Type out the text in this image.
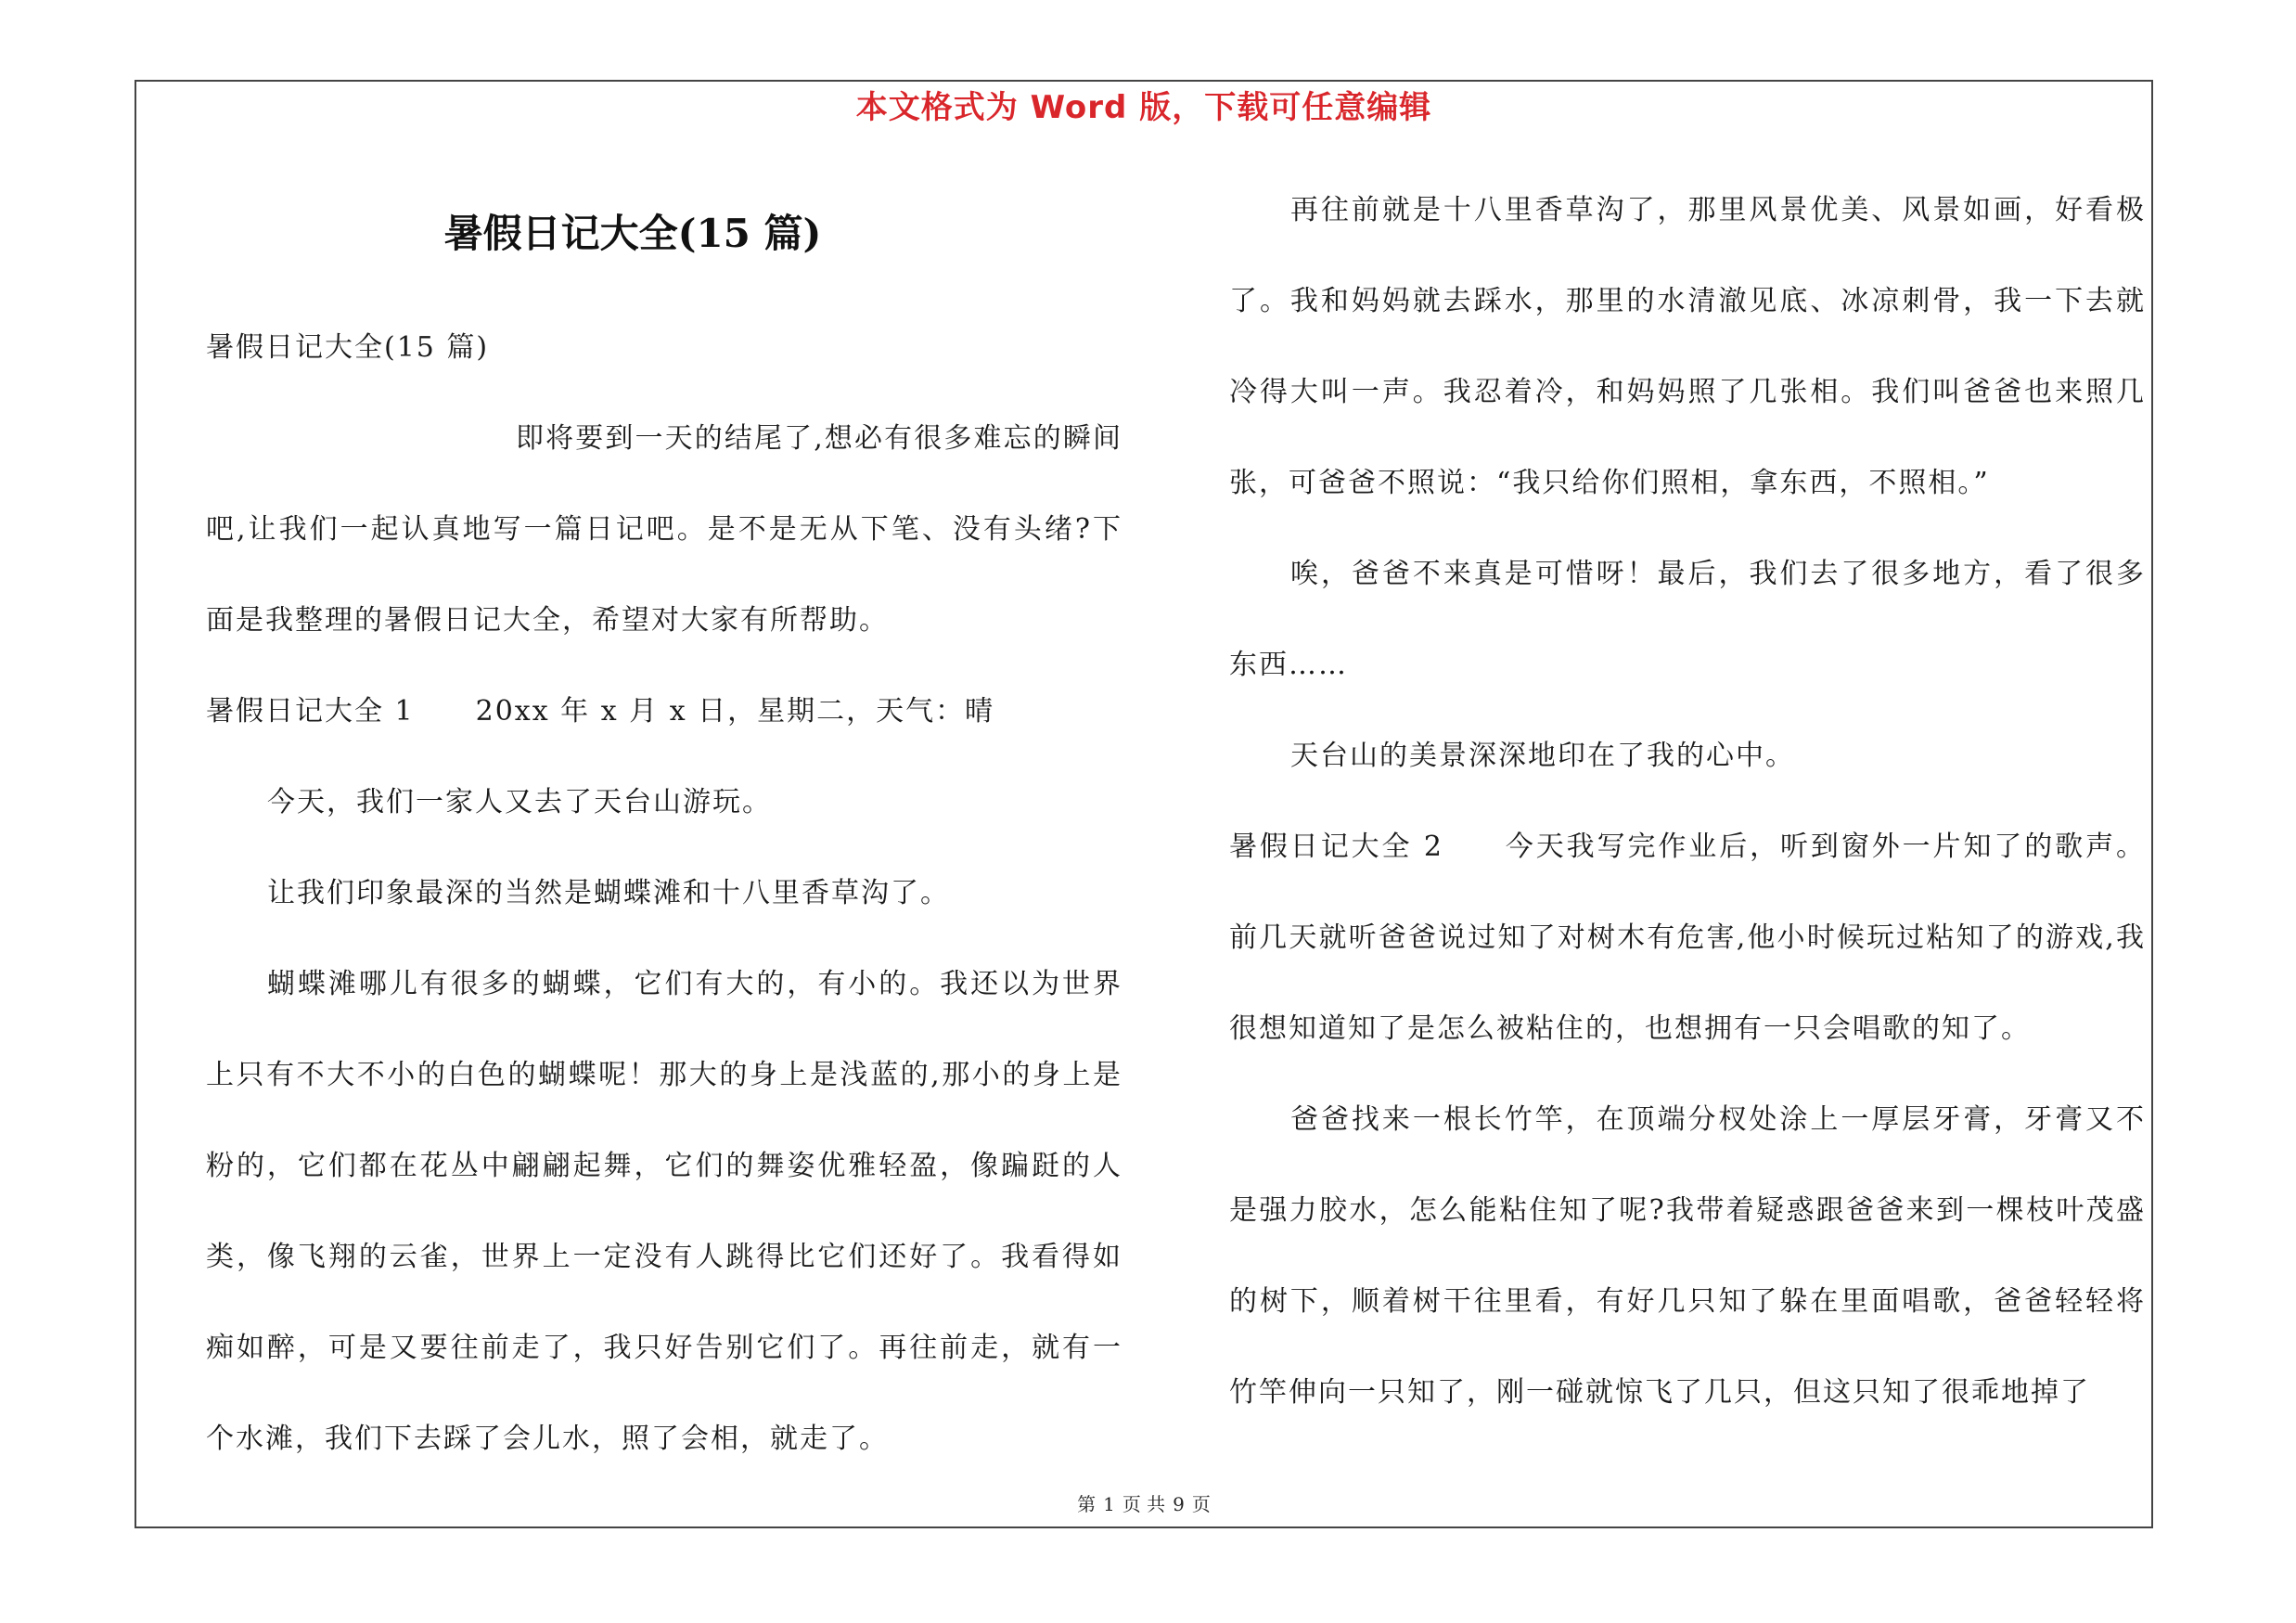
本文格式为 Word 版，下载可任意编辑
暑假日记大全(15 篇)

暑假日记大全(15 篇)

即将要到一天的结尾了,想必有很多难忘的瞬间吧,让我们一起认真地写一篇日记吧。是不是无从下笔、没有头绪?下面是我整理的暑假日记大全，希望对大家有所帮助。

暑假日记大全 1 20xx 年 x 月 x 日，星期二，天气：晴

今天，我们一家人又去了天台山游玩。

让我们印象最深的当然是蝴蝶滩和十八里香草沟了。

蝴蝶滩哪儿有很多的蝴蝶，它们有大的，有小的。我还以为世界上只有不大不小的白色的蝴蝶呢！那大的身上是浅蓝的,那小的身上是粉的，它们都在花丛中翩翩起舞，它们的舞姿优雅轻盈，像蹁跹的人类，像飞翔的云雀，世界上一定没有人跳得比它们还好了。我看得如痴如醉，可是又要往前走了，我只好告别它们了。再往前走，就有一个水滩，我们下去踩了会儿水，照了会相，就走了。

再往前就是十八里香草沟了，那里风景优美、风景如画，好看极了。我和妈妈就去踩水，那里的水清澈见底、冰凉刺骨，我一下去就冷得大叫一声。我忍着冷，和妈妈照了几张相。我们叫爸爸也来照几张，可爸爸不照说：“我只给你们照相，拿东西，不照相。”

唉，爸爸不来真是可惜呀！最后，我们去了很多地方，看了很多东西……

天台山的美景深深地印在了我的心中。

暑假日记大全 2 今天我写完作业后，听到窗外一片知了的歌声。前几天就听爸爸说过知了对树木有危害,他小时候玩过粘知了的游戏,我很想知道知了是怎么被粘住的，也想拥有一只会唱歌的知了。

爸爸找来一根长竹竿，在顶端分杈处涂上一厚层牙膏，牙膏又不是强力胶水，怎么能粘住知了呢?我带着疑惑跟爸爸来到一棵枝叶茂盛的树下，顺着树干往里看，有好几只知了躲在里面唱歌，爸爸轻轻将竹竿伸向一只知了，刚一碰就惊飞了几只，但这只知了很乖地掉了

第 1 页 共 9 页
